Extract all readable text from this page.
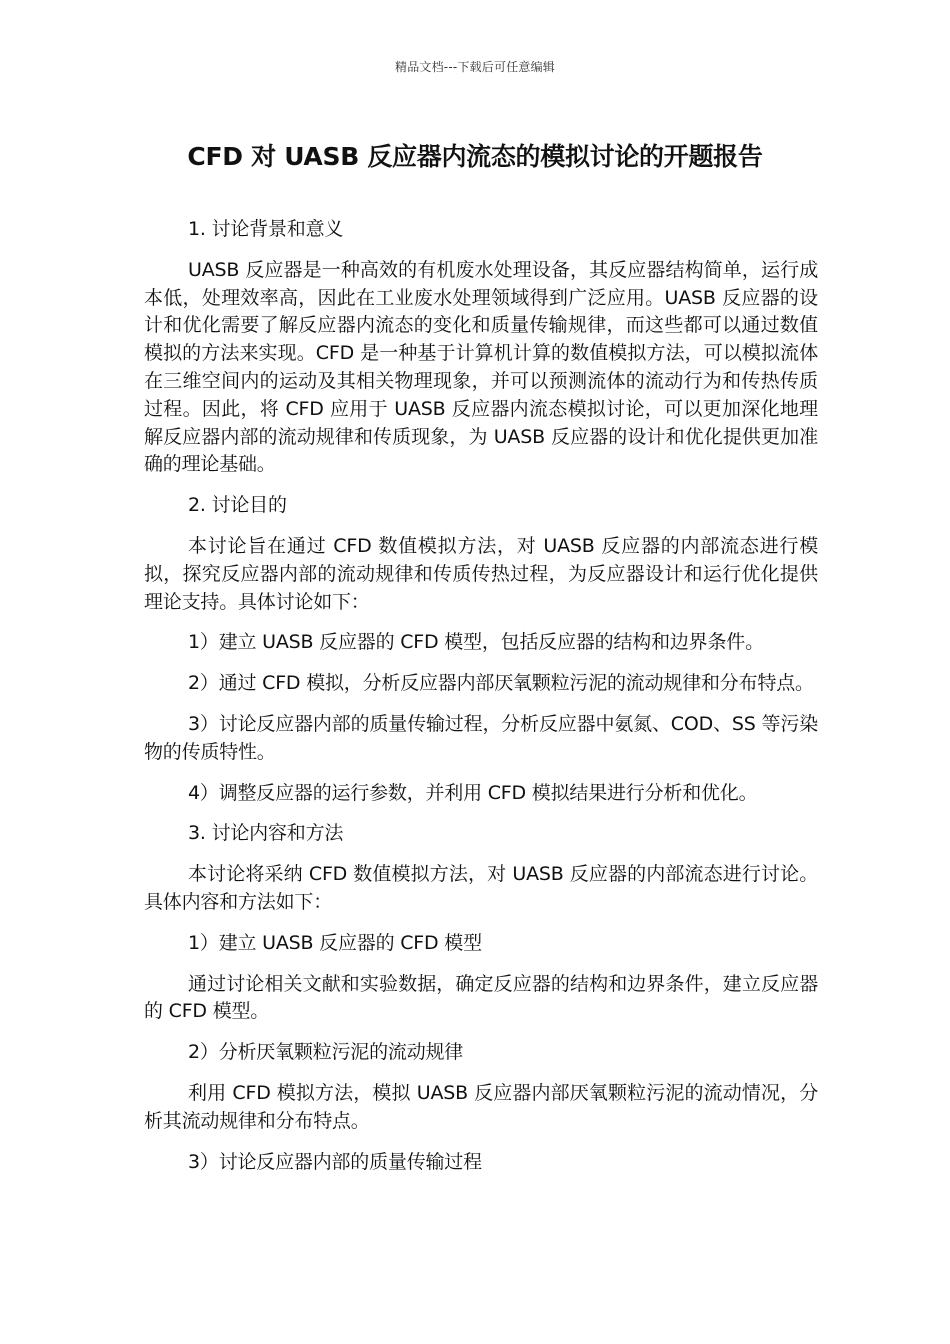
精品文档---下载后可任意编辑
CFD 对 UASB 反应器内流态的模拟讨论的开题报告

1. 讨论背景和意义

UASB 反应器是一种高效的有机废水处理设备，其反应器结构简单，运行成本低，处理效率高，因此在工业废水处理领域得到广泛应用。UASB 反应器的设计和优化需要了解反应器内流态的变化和质量传输规律，而这些都可以通过数值模拟的方法来实现。CFD 是一种基于计算机计算的数值模拟方法，可以模拟流体在三维空间内的运动及其相关物理现象，并可以预测流体的流动行为和传热传质过程。因此，将 CFD 应用于 UASB 反应器内流态模拟讨论，可以更加深化地理解反应器内部的流动规律和传质现象，为 UASB 反应器的设计和优化提供更加准确的理论基础。

2. 讨论目的

本讨论旨在通过 CFD 数值模拟方法，对 UASB 反应器的内部流态进行模拟，探究反应器内部的流动规律和传质传热过程，为反应器设计和运行优化提供理论支持。具体讨论如下：

1）建立 UASB 反应器的 CFD 模型，包括反应器的结构和边界条件。

2）通过 CFD 模拟，分析反应器内部厌氧颗粒污泥的流动规律和分布特点。

3）讨论反应器内部的质量传输过程，分析反应器中氨氮、COD、SS 等污染物的传质特性。

4）调整反应器的运行参数，并利用 CFD 模拟结果进行分析和优化。

3. 讨论内容和方法

本讨论将采纳 CFD 数值模拟方法，对 UASB 反应器的内部流态进行讨论。具体内容和方法如下：

1）建立 UASB 反应器的 CFD 模型

通过讨论相关文献和实验数据，确定反应器的结构和边界条件，建立反应器的 CFD 模型。

2）分析厌氧颗粒污泥的流动规律

利用 CFD 模拟方法，模拟 UASB 反应器内部厌氧颗粒污泥的流动情况，分析其流动规律和分布特点。

3）讨论反应器内部的质量传输过程
